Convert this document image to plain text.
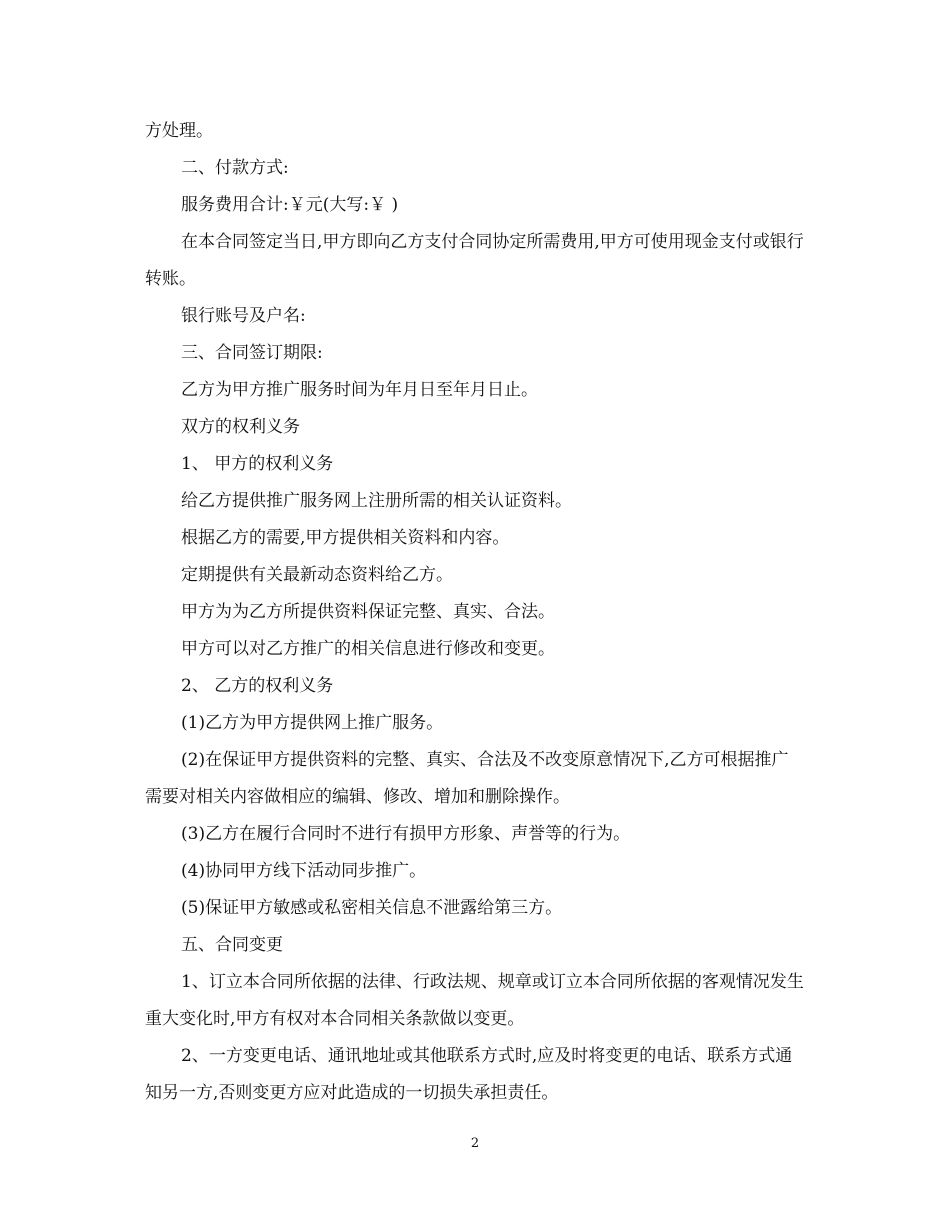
方处理。

二、付款方式:

服务费用合计:￥元(大写:￥ )

在本合同签定当日,甲方即向乙方支付合同协定所需费用,甲方可使用现金支付或银行转账。

银行账号及户名:

三、合同签订期限:

乙方为甲方推广服务时间为年月日至年月日止。

双方的权利义务

1、 甲方的权利义务

给乙方提供推广服务网上注册所需的相关认证资料。

根据乙方的需要,甲方提供相关资料和内容。

定期提供有关最新动态资料给乙方。

甲方为为乙方所提供资料保证完整、真实、合法。

甲方可以对乙方推广的相关信息进行修改和变更。

2、 乙方的权利义务

(1)乙方为甲方提供网上推广服务。

(2)在保证甲方提供资料的完整、真实、合法及不改变原意情况下,乙方可根据推广需要对相关内容做相应的编辑、修改、增加和删除操作。

(3)乙方在履行合同时不进行有损甲方形象、声誉等的行为。

(4)协同甲方线下活动同步推广。

(5)保证甲方敏感或私密相关信息不泄露给第三方。

五、合同变更

1、订立本合同所依据的法律、行政法规、规章或订立本合同所依据的客观情况发生重大变化时,甲方有权对本合同相关条款做以变更。

2、一方变更电话、通讯地址或其他联系方式时,应及时将变更的电话、联系方式通知另一方,否则变更方应对此造成的一切损失承担责任。

2
